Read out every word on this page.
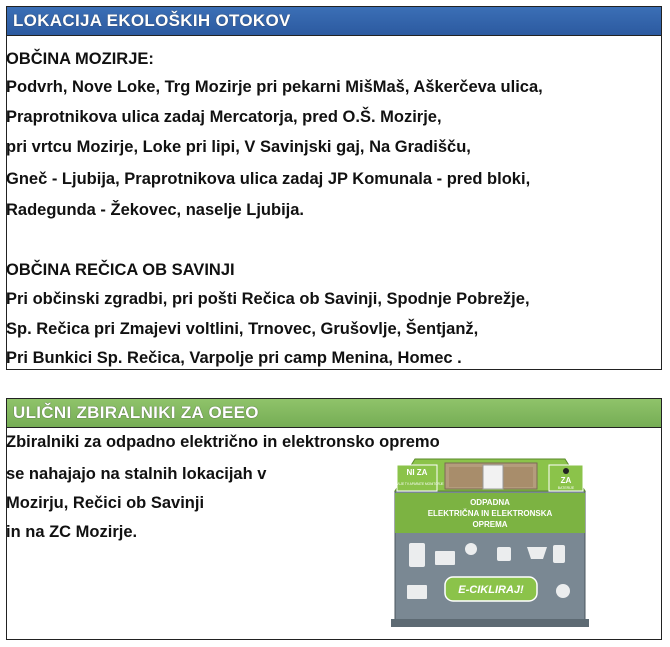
LOKACIJA EKOLOŠKIH OTOKOV
OBČINA MOZIRJE:
Podvrh, Nove Loke, Trg Mozirje pri pekarni MišMaš, Aškerčeva ulica,
Praprotnikova ulica zadaj Mercatorja, pred O.Š. Mozirje,
pri vrtcu Mozirje, Loke pri lipi, V Savinjski gaj, Na Gradišču,
Gneč - Ljubija, Praprotnikova ulica zadaj JP Komunala - pred bloki,
Radegunda - Žekovec, naselje Ljubija.
OBČINA REČICA OB SAVINJI
Pri občinski zgradbi, pri pošti Rečica ob Savinji, Spodnje Pobrežje,
Sp. Rečica pri Zmajevi voltlini, Trnovec, Grušovlje, Šentjanž,
Pri Bunkici Sp. Rečica, Varpolje pri camp Menina, Homec .
ULIČNI ZBIRALNIKI ZA OEEO
Zbiralniki za odpadno električno in elektronsko opremo
se nahajajo na stalnih lokacijah v
Mozirju, Rečici ob Savinji
in na ZC Mozirje.
NI ZA
ZDAVLJE TV APARATE MONITORJE	ZA
BATERIJE
ODPADNA
ELEKTRIČNA IN ELEKTRONSKA
OPREMA
E-CIKLIRAJ!
